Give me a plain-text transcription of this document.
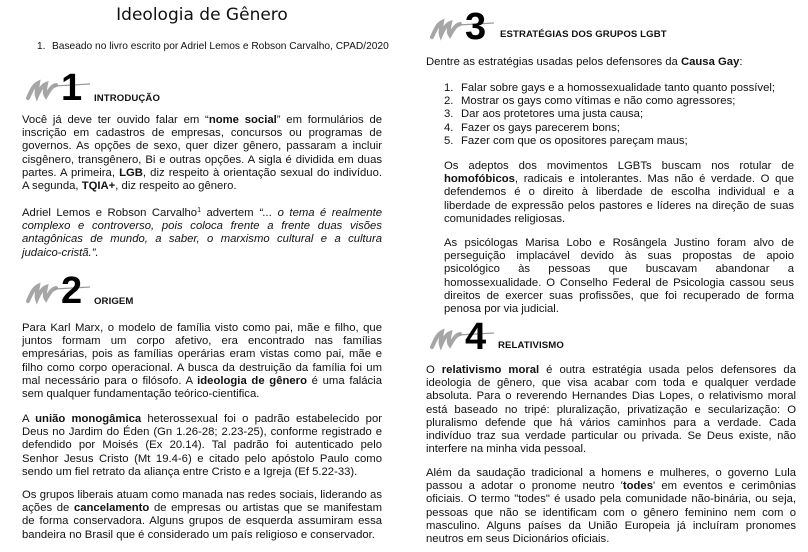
Ideologia de Gênero
1. Baseado no livro escrito por Adriel Lemos e Robson Carvalho, CPAD/2020
1 INTRODUÇÃO
Você já deve ter ouvido falar em “nome social” em formulários de inscrição em cadastros de empresas, concursos ou programas de governos. As opções de sexo, quer dizer gênero, passaram a incluir cisgênero, transgênero, Bi e outras opções. A sigla é dividida em duas partes. A primeira, LGB, diz respeito à orientação sexual do indivíduo. A segunda, TQIA+, diz respeito ao gênero.
Adriel Lemos e Robson Carvalho$^1$ advertem “... o tema é realmente complexo e controverso, pois coloca frente a frente duas visões antagônicas de mundo, a saber, o marxismo cultural e a cultura judaico-cristã.”.
2 ORIGEM
Para Karl Marx, o modelo de família visto como pai, mãe e filho, que juntos formam um corpo afetivo, era encontrado nas famílias empresárias, pois as famílias operárias eram vistas como pai, mãe e filho como corpo operacional. A busca da destruição da família foi um mal necessário para o filósofo. A ideologia de gênero é uma falácia sem qualquer fundamentação teórico-cientifica.
A união monogâmica heterossexual foi o padrão estabelecido por Deus no Jardim do Éden (Gn 1.26-28; 2.23-25), conforme registrado e defendido por Moisés (Ex 20.14). Tal padrão foi autenticado pelo Senhor Jesus Cristo (Mt 19.4-6) e citado pelo apóstolo Paulo como sendo um fiel retrato da aliança entre Cristo e a Igreja (Ef 5.22-33).
Os grupos liberais atuam como manada nas redes sociais, liderando as ações de cancelamento de empresas ou artistas que se manifestam de forma conservadora. Alguns grupos de esquerda assumiram essa bandeira no Brasil que é considerado um país religioso e conservador.
3 ESTRATÉGIAS DOS GRUPOS LGBT
Dentre as estratégias usadas pelos defensores da Causa Gay:
1. Falar sobre gays e a homossexualidade tanto quanto possível;
2. Mostrar os gays como vítimas e não como agressores;
3. Dar aos protetores uma justa causa;
4. Fazer os gays parecerem bons;
5. Fazer com que os opositores pareçam maus;
Os adeptos dos movimentos LGBTs buscam nos rotular de homofóbicos, radicais e intolerantes. Mas não é verdade. O que defendemos é o direito à liberdade de escolha individual e a liberdade de expressão pelos pastores e líderes na direção de suas comunidades religiosas.
As psicólogas Marisa Lobo e Rosângela Justino foram alvo de perseguição implacável devido às suas propostas de apoio psicológico às pessoas que buscavam abandonar a homossexualidade. O Conselho Federal de Psicologia cassou seus direitos de exercer suas profissões, que foi recuperado de forma penosa por via judicial.
4 RELATIVISMO
O relativismo moral é outra estratégia usada pelos defensores da ideologia de gênero, que visa acabar com toda e qualquer verdade absoluta. Para o reverendo Hernandes Dias Lopes, o relativismo moral está baseado no tripé: pluralização, privatização e secularização: O pluralismo defende que há vários caminhos para a verdade. Cada indivíduo traz sua verdade particular ou privada. Se Deus existe, não interfere na minha vida pessoal.
Além da saudação tradicional a homens e mulheres, o governo Lula passou a adotar o pronome neutro 'todes' em eventos e cerimônias oficiais. O termo "todes" é usado pela comunidade não-binária, ou seja, pessoas que não se identificam com o gênero feminino nem com o masculino. Alguns países da União Europeia já incluíram pronomes neutros em seus Dicionários oficiais.
